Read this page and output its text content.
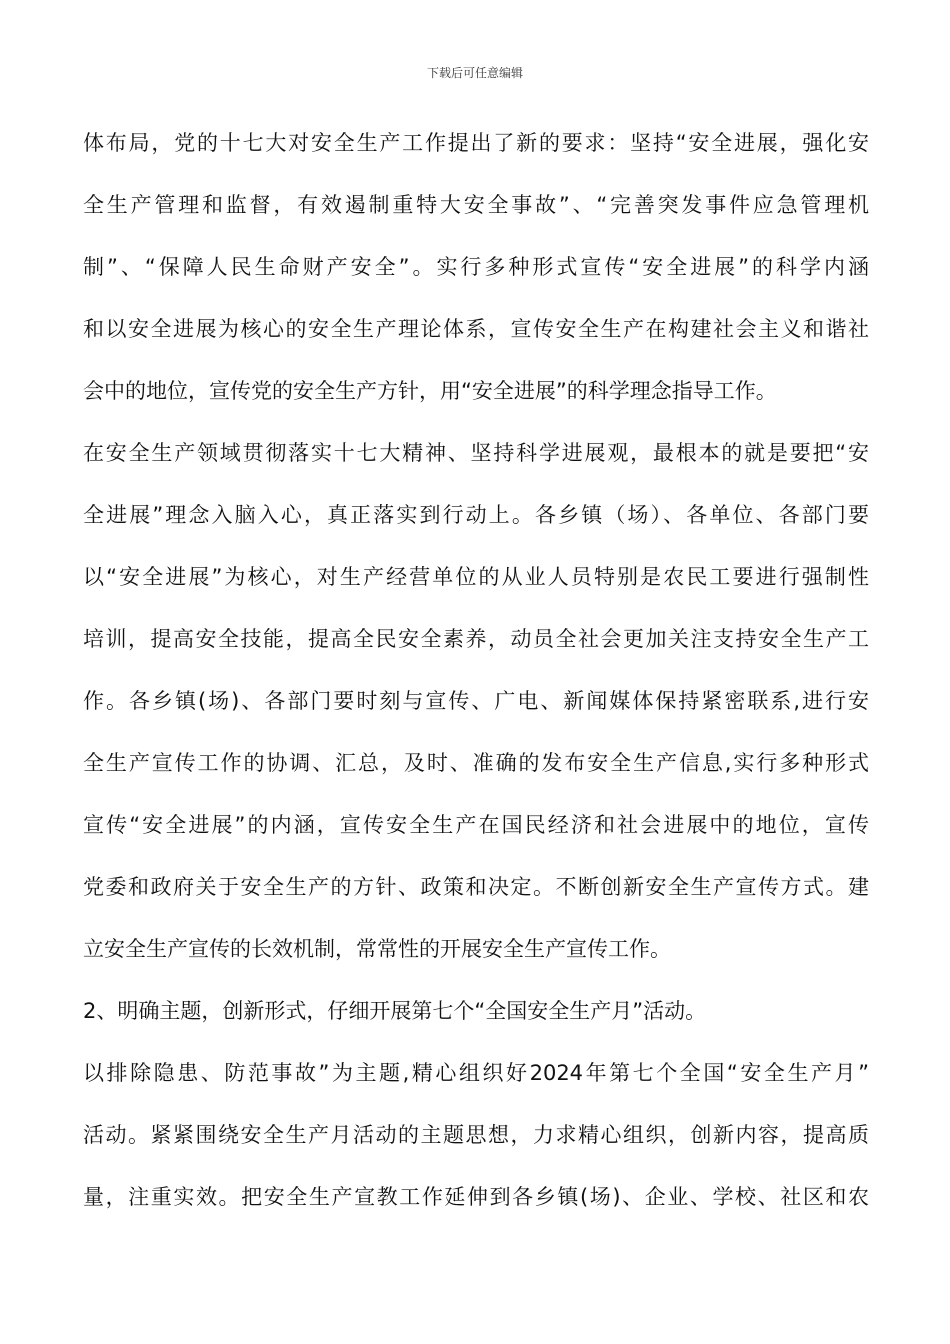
下载后可任意编辑
体布局，党的十七大对安全生产工作提出了新的要求：坚持“安全进展，强化安
全生产管理和监督，有效遏制重特大安全事故”、“完善突发事件应急管理机
制”、“保障人民生命财产安全”。实行多种形式宣传“安全进展”的科学内涵
和以安全进展为核心的安全生产理论体系，宣传安全生产在构建社会主义和谐社
会中的地位，宣传党的安全生产方针，用“安全进展”的科学理念指导工作。
在安全生产领域贯彻落实十七大精神、坚持科学进展观，最根本的就是要把“安
全进展”理念入脑入心，真正落实到行动上。各乡镇（场）、各单位、各部门要
以“安全进展”为核心，对生产经营单位的从业人员特别是农民工要进行强制性
培训，提高安全技能，提高全民安全素养，动员全社会更加关注支持安全生产工
作。各乡镇(场)、各部门要时刻与宣传、广电、新闻媒体保持紧密联系,进行安
全生产宣传工作的协调、汇总，及时、准确的发布安全生产信息,实行多种形式
宣传“安全进展”的内涵，宣传安全生产在国民经济和社会进展中的地位，宣传
党委和政府关于安全生产的方针、政策和决定。不断创新安全生产宣传方式。建
立安全生产宣传的长效机制，常常性的开展安全生产宣传工作。
2、明确主题，创新形式，仔细开展第七个“全国安全生产月”活动。
以排除隐患、防范事故”为主题,精心组织好2024年第七个全国“安全生产月”
活动。紧紧围绕安全生产月活动的主题思想，力求精心组织，创新内容，提高质
量，注重实效。把安全生产宣教工作延伸到各乡镇(场)、企业、学校、社区和农
